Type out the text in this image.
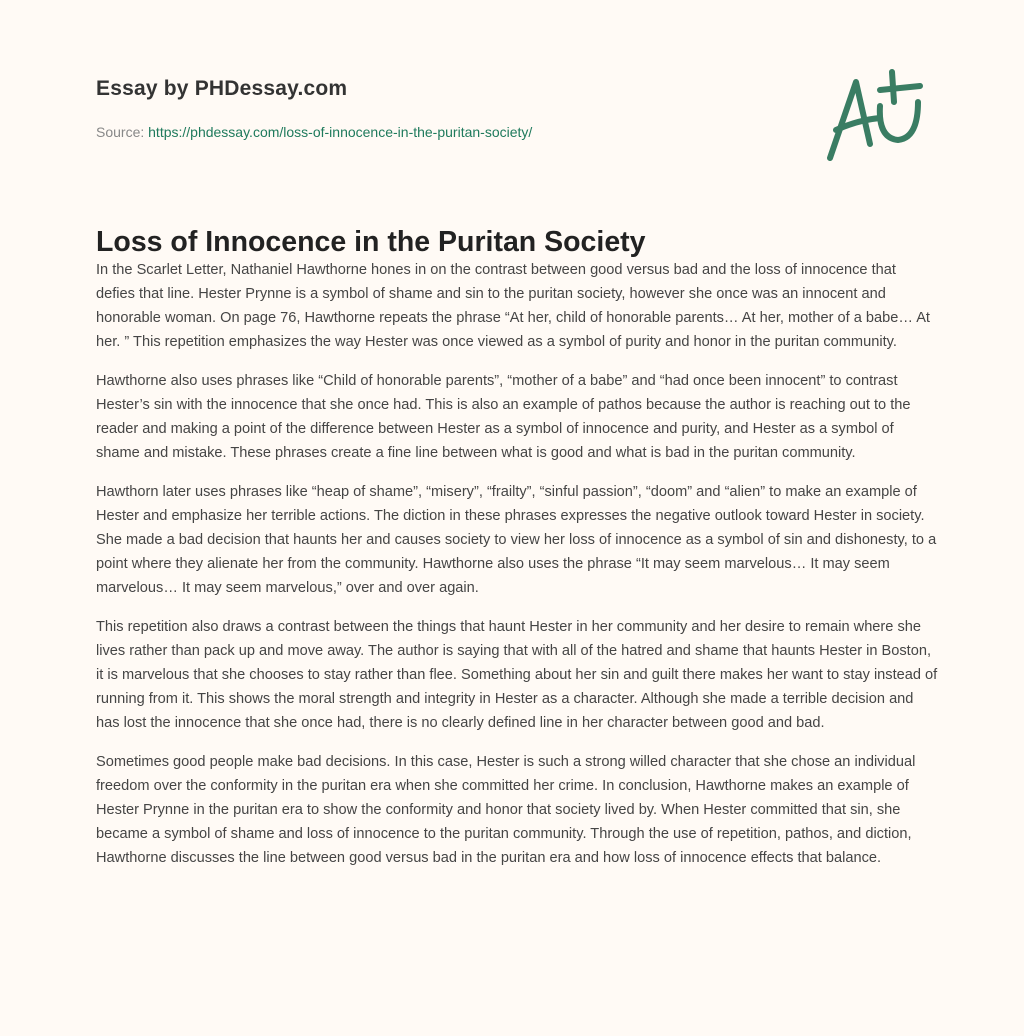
Essay by PHDessay.com
Source: https://phdessay.com/loss-of-innocence-in-the-puritan-society/
Loss of Innocence in the Puritan Society

In the Scarlet Letter, Nathaniel Hawthorne hones in on the contrast between good versus bad and the loss of innocence that defies that line. Hester Prynne is a symbol of shame and sin to the puritan society, however she once was an innocent and honorable woman. On page 76, Hawthorne repeats the phrase “At her, child of honorable parents… At her, mother of a babe… At her. ” This repetition emphasizes the way Hester was once viewed as a symbol of purity and honor in the puritan community.

Hawthorne also uses phrases like “Child of honorable parents”, “mother of a babe” and “had once been innocent” to contrast Hester’s sin with the innocence that she once had. This is also an example of pathos because the author is reaching out to the reader and making a point of the difference between Hester as a symbol of innocence and purity, and Hester as a symbol of shame and mistake. These phrases create a fine line between what is good and what is bad in the puritan community.

Hawthorn later uses phrases like “heap of shame”, “misery”, “frailty”, “sinful passion”, “doom” and “alien” to make an example of Hester and emphasize her terrible actions. The diction in these phrases expresses the negative outlook toward Hester in society. She made a bad decision that haunts her and causes society to view her loss of innocence as a symbol of sin and dishonesty, to a point where they alienate her from the community. Hawthorne also uses the phrase “It may seem marvelous… It may seem marvelous… It may seem marvelous,” over and over again.

This repetition also draws a contrast between the things that haunt Hester in her community and her desire to remain where she lives rather than pack up and move away. The author is saying that with all of the hatred and shame that haunts Hester in Boston, it is marvelous that she chooses to stay rather than flee. Something about her sin and guilt there makes her want to stay instead of running from it. This shows the moral strength and integrity in Hester as a character. Although she made a terrible decision and has lost the innocence that she once had, there is no clearly defined line in her character between good and bad.

Sometimes good people make bad decisions. In this case, Hester is such a strong willed character that she chose an individual freedom over the conformity in the puritan era when she committed her crime. In conclusion, Hawthorne makes an example of Hester Prynne in the puritan era to show the conformity and honor that society lived by. When Hester committed that sin, she became a symbol of shame and loss of innocence to the puritan community. Through the use of repetition, pathos, and diction, Hawthorne discusses the line between good versus bad in the puritan era and how loss of innocence effects that balance.
